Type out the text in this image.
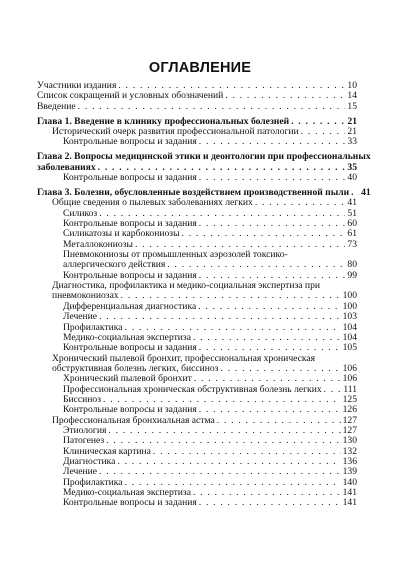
ОГЛАВЛЕНИЕ
Участники издания . . .	10
Список сокращений и условных обозначений . . .	14
Введение . . .	15
Глава 1. Введение в клинику профессиональных болезней . . .	21
Исторический очерк развития профессиональной патологии . . .	21
Контрольные вопросы и задания . . .	33
Глава 2. Вопросы медицинской этики и деонтологии при профессиональных
заболеваниях . . .	35
Контрольные вопросы и задания . . .	40
Глава 3. Болезни, обусловленные воздействием производственной пыли . . . 41
Общие сведения о пылевых заболеваниях легких . . .	41
Силикоз . . .	51
Контрольные вопросы и задания . . .	60
Силикатозы и карбокониозы . . .	61
Металлокониозы . . .	73
Пневмокониозы от промышленных аэрозолей токсико-
аллергического действия . . .	80
Контрольные вопросы и задания . . .	99
Диагностика, профилактика и медико-социальная экспертиза при
пневмокониозах . . .	100
Дифференциальная диагностика . . .	100
Лечение . . .	103
Профилактика . . .	104
Медико-социальная экспертиза . . .	104
Контрольные вопросы и задания . . .	105
Хронический пылевой бронхит, профессиональная хроническая
обструктивная болезнь легких, биссиноз . . .	106
Хронический пылевой бронхит . . .	106
Профессиональная хроническая обструктивная болезнь легких . . . 111
Биссиноз . . .	125
Контрольные вопросы и задания . . .	126
Профессиональная бронхиальная астма . . .	127
Этиология . . .	127
Патогенез . . .	130
Клиническая картина . . .	132
Диагностика . . .	136
Лечение . . .	139
Профилактика . . .	140
Медико-социальная экспертиза . . .	141
Контрольные вопросы и задания . . .	141
